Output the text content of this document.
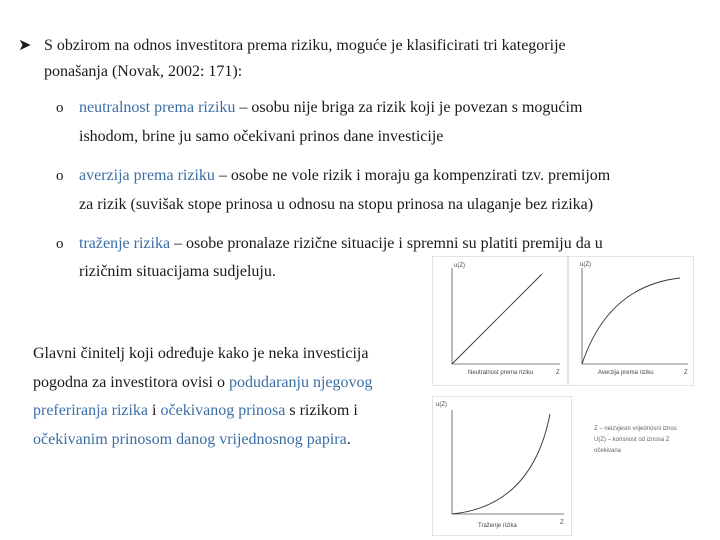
➤ S obzirom na odnos investitora prema riziku, moguće je klasificirati tri kategorije
ponašanja (Novak, 2002: 171):
o neutralnost prema riziku – osobu nije briga za rizik koji je povezan s mogućim
ishodom, brine ju samo očekivani prinos dane investicije
o averzija prema riziku – osobe ne vole rizik i moraju ga kompenzirati tzv. premijom
za rizik (suvišak stope prinosa u odnosu na stopu prinosa na ulaganje bez rizika)
o traženje rizika – osobe pronalaze rizične situacije i spremni su platiti premiju da u
rizičnim situacijama sudjeluju.
Glavni činitelj koji određuje kako je neka investicija
pogodna za investitora ovisi o podudaranju njegovog
preferiranja rizika i očekivanog prinosa s rizikom i
očekivanim prinosom danog vrijednosnog papira.
u(Z)
Z
Neutralnost prema riziku
u(Z)
Z
Averzija prema riziku
u(Z)
Z
Traženje rizika
Z – neizvjesni vrijednosni iznos
U(Z) – korisnost od iznosa Z
očekivana
